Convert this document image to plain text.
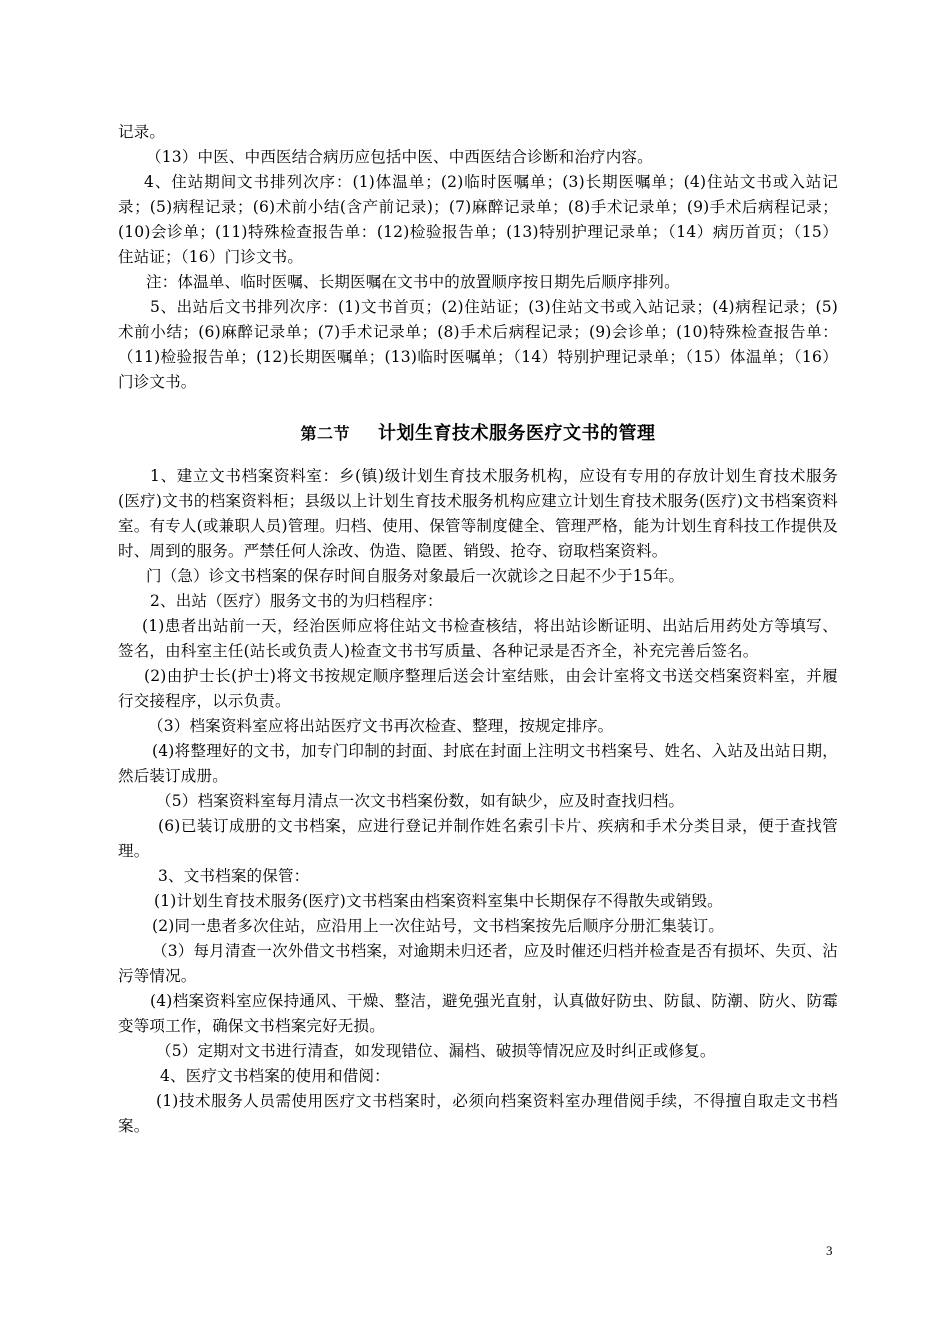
记录。

（13）中医、中西医结合病历应包括中医、中西医结合诊断和治疗内容。

4、住站期间文书排列次序：(1)体温单；(2)临时医嘱单；(3)长期医嘱单；(4)住站文书或入站记录；(5)病程记录；(6)术前小结(含产前记录)；(7)麻醉记录单；(8)手术记录单；(9)手术后病程记录；(10)会诊单；(11)特殊检查报告单：(12)检验报告单；(13)特别护理记录单；（14）病历首页；（15）住站证；（16）门诊文书。

注：体温单、临时医嘱、长期医嘱在文书中的放置顺序按日期先后顺序排列。

5、出站后文书排列次序：(1)文书首页；(2)住站证；(3)住站文书或入站记录；(4)病程记录；(5)术前小结；(6)麻醉记录单；(7)手术记录单；(8)手术后病程记录；(9)会诊单；(10)特殊检查报告单：（11)检验报告单；(12)长期医嘱单；(13)临时医嘱单；（14）特别护理记录单；（15）体温单；（16）门诊文书。

第二节 计划生育技术服务医疗文书的管理

1、建立文书档案资料室：乡(镇)级计划生育技术服务机构，应设有专用的存放计划生育技术服务(医疗)文书的档案资料柜；县级以上计划生育技术服务机构应建立计划生育技术服务(医疗)文书档案资料室。有专人(或兼职人员)管理。归档、使用、保管等制度健全、管理严格，能为计划生育科技工作提供及时、周到的服务。严禁任何人涂改、伪造、隐匿、销毁、抢夺、窃取档案资料。

门（急）诊文书档案的保存时间自服务对象最后一次就诊之日起不少于15年。

2、出站（医疗）服务文书的为归档程序：

(1)患者出站前一天，经治医师应将住站文书检查核结，将出站诊断证明、出站后用药处方等填写、签名，由科室主任(站长或负责人)检查文书书写质量、各种记录是否齐全，补充完善后签名。

(2)由护士长(护士)将文书按规定顺序整理后送会计室结账，由会计室将文书送交档案资料室，并履行交接程序，以示负责。

（3）档案资料室应将出站医疗文书再次检查、整理，按规定排序。

(4)将整理好的文书，加专门印制的封面、封底在封面上注明文书档案号、姓名、入站及出站日期，然后装订成册。

（5）档案资料室每月清点一次文书档案份数，如有缺少，应及时查找归档。

(6)已装订成册的文书档案，应进行登记并制作姓名索引卡片、疾病和手术分类目录，便于查找管理。

3、文书档案的保管：

(1)计划生育技术服务(医疗)文书档案由档案资料室集中长期保存不得散失或销毁。

(2)同一患者多次住站，应沿用上一次住站号，文书档案按先后顺序分册汇集装订。

（3）每月清查一次外借文书档案，对逾期未归还者，应及时催还归档并检查是否有损坏、失页、沾污等情况。

(4)档案资料室应保持通风、干燥、整洁，避免强光直射，认真做好防虫、防鼠、防潮、防火、防霉变等项工作，确保文书档案完好无损。

（5）定期对文书进行清查，如发现错位、漏档、破损等情况应及时纠正或修复。

4、医疗文书档案的使用和借阅：

(1)技术服务人员需使用医疗文书档案时，必须向档案资料室办理借阅手续，不得擅自取走文书档案。

3
